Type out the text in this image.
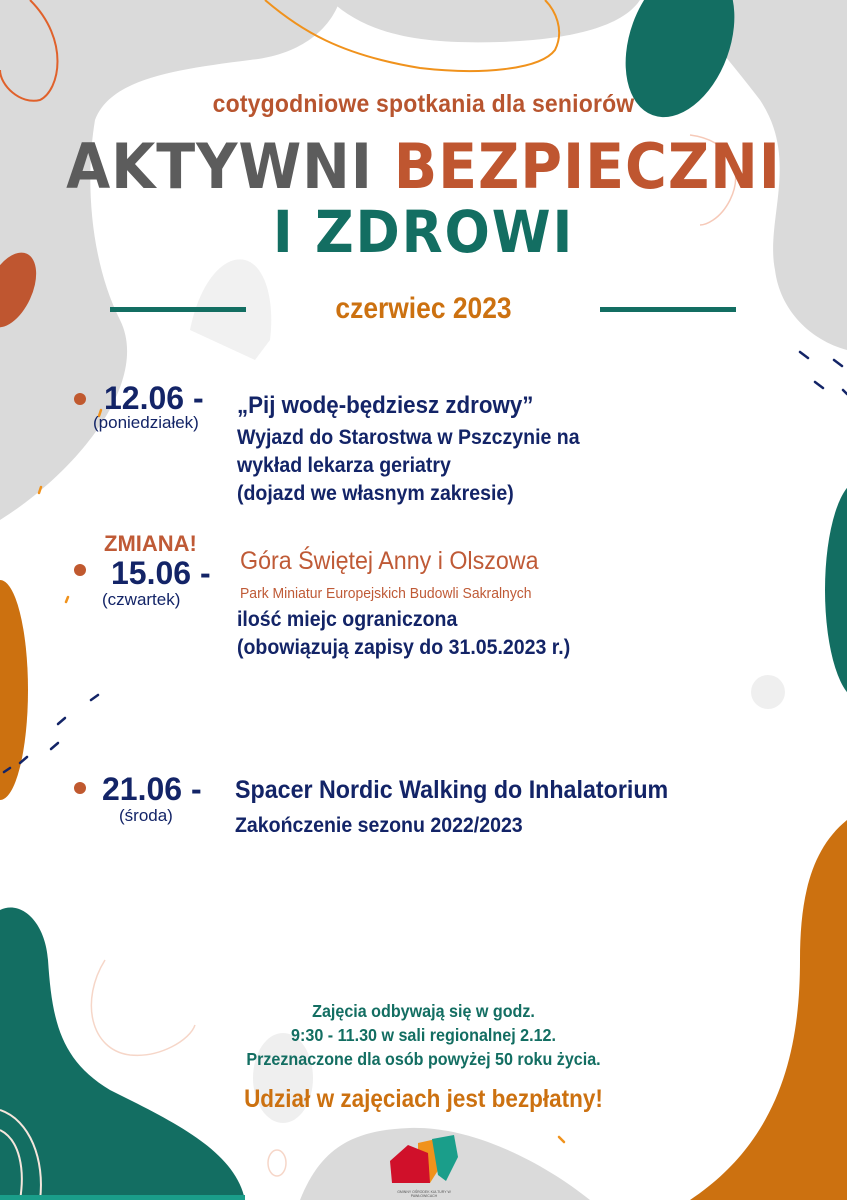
cotygodniowe spotkania dla seniorów
AKTYWNI BEZPIECZNI
I ZDROWI
czerwiec 2023
12.06 -
(poniedziałek)
„Pij wodę-będziesz zdrowy”
Wyjazd do Starostwa w Pszczynie na
wykład lekarza geriatry
(dojazd we własnym zakresie)
ZMIANA!
15.06 -
(czwartek)
Góra Świętej Anny i Olszowa
Park Miniatur Europejskich Budowli Sakralnych
ilość miejc ograniczona
(obowiązują zapisy do 31.05.2023 r.)
21.06 -
(środa)
Spacer Nordic Walking do Inhalatorium
Zakończenie sezonu 2022/2023
Zajęcia odbywają się w godz.
9:30 - 11.30 w sali regionalnej 2.12.
Przeznaczone dla osób powyżej 50 roku życia.
Udział w zajęciach jest bezpłatny!
GMINNY OŚRODEK KULTURY W PAWŁOWICACH
